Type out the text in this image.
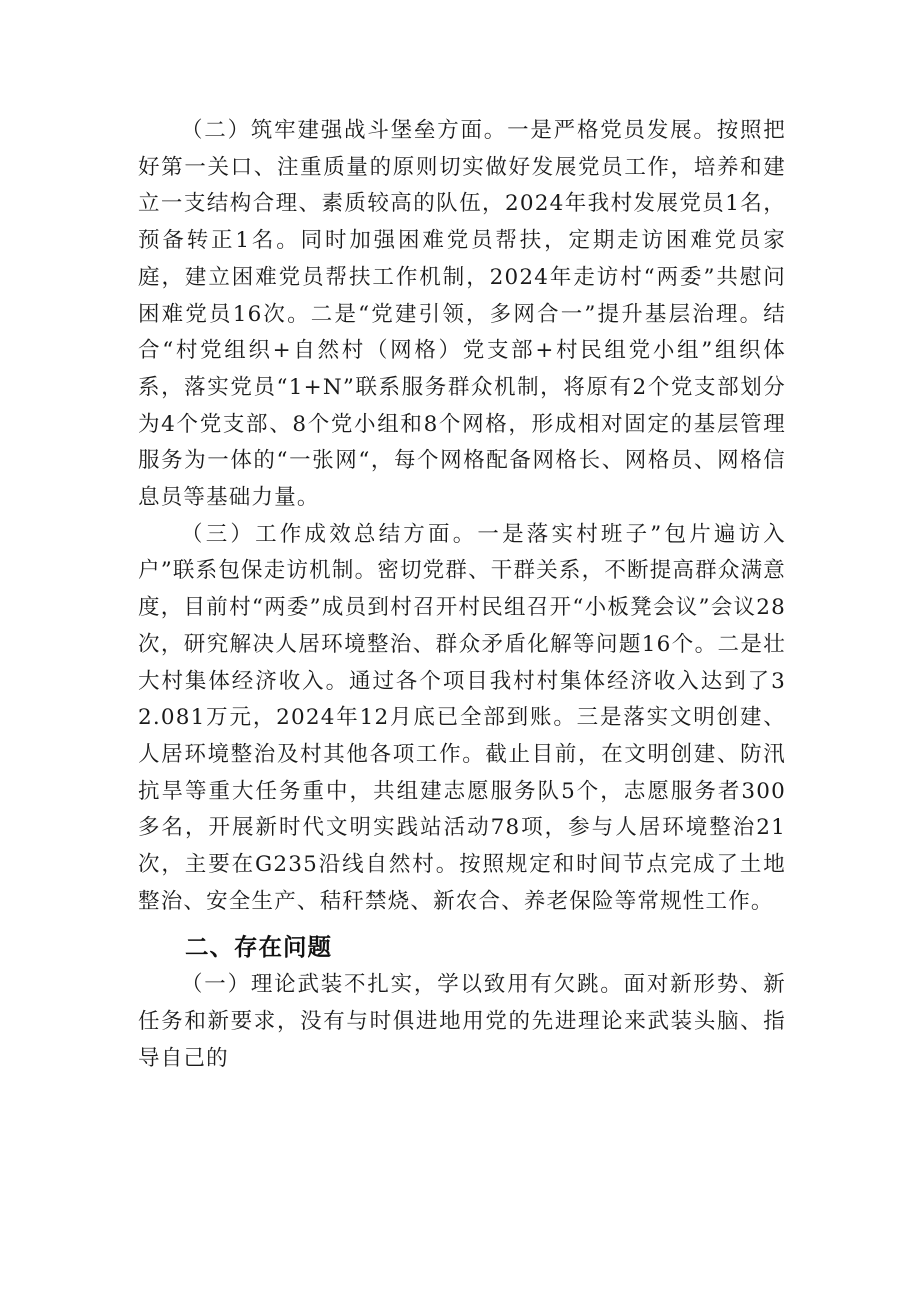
（二）筑牢建强战斗堡垒方面。一是严格党员发展。按照把好第一关口、注重质量的原则切实做好发展党员工作，培养和建立一支结构合理、素质较高的队伍，2024年我村发展党员1名，预备转正1名。同时加强困难党员帮扶，定期走访困难党员家庭，建立困难党员帮扶工作机制，2024年走访村“两委”共慰问困难党员16次。二是“党建引领，多网合一”提升基层治理。结合“村党组织+自然村（网格）党支部+村民组党小组”组织体系，落实党员“1+N”联系服务群众机制，将原有2个党支部划分为4个党支部、8个党小组和8个网格，形成相对固定的基层管理服务为一体的“一张网“，每个网格配备网格长、网格员、网格信息员等基础力量。

（三）工作成效总结方面。一是落实村班子”包片遍访入户”联系包保走访机制。密切党群、干群关系，不断提高群众满意度，目前村“两委”成员到村召开村民组召开“小板凳会议”会议28次，研究解决人居环境整治、群众矛盾化解等问题16个。二是壮大村集体经济收入。通过各个项目我村村集体经济收入达到了32.081万元，2024年12月底已全部到账。三是落实文明创建、人居环境整治及村其他各项工作。截止目前，在文明创建、防汛抗旱等重大任务重中，共组建志愿服务队5个，志愿服务者300多名，开展新时代文明实践站活动78项，参与人居环境整治21次，主要在G235沿线自然村。按照规定和时间节点完成了土地整治、安全生产、秸秆禁烧、新农合、养老保险等常规性工作。

二、存在问题

（一）理论武装不扎实，学以致用有欠跳。面对新形势、新任务和新要求，没有与时俱进地用党的先进理论来武装头脑、指导自己的
